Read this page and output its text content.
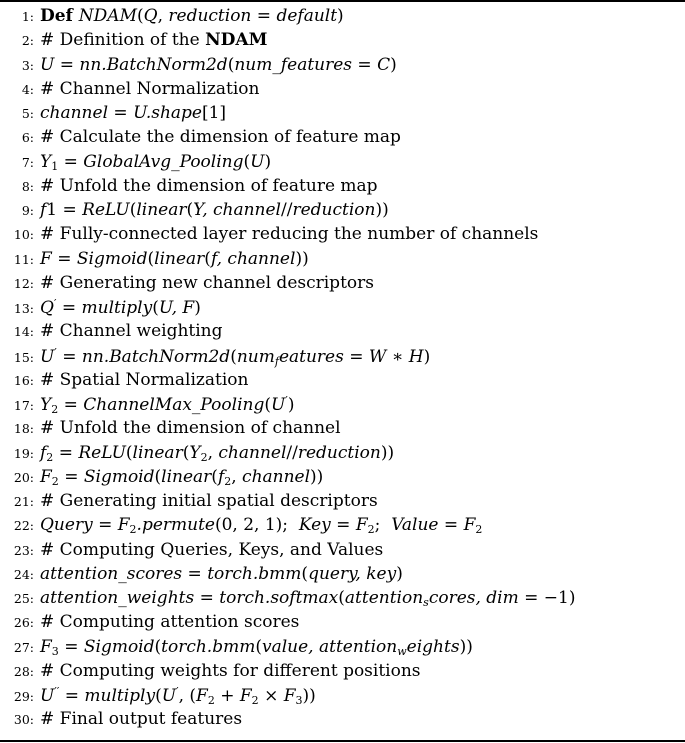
1: Def NDAM(Q, reduction = default)
2: # Definition of the NDAM
3: U = nn.BatchNorm2d(num_features = C)
4: # Channel Normalization
5: channel = U.shape[1]
6: # Calculate the dimension of feature map
7: $Y_1$ = GlobalAvg_Pooling(U)
8: # Unfold the dimension of feature map
9: f1 = ReLU(linear(Y, channel//reduction))
10: # Fully-connected layer reducing the number of channels
11: F = Sigmoid(linear(f, channel))
12: # Generating new channel descriptors
13: Q′ = multiply(U, F)
14: # Channel weighting
15: U′ = nn.BatchNorm2d(num$_f$eatures = W ∗ H)
16: # Spatial Normalization
17: $Y_2$ = ChannelMax_Pooling(U′)
18: # Unfold the dimension of channel
19: $f_2$ = $ReLU(linear(Y_2$, channel//reduction))
20: $F_2$ = $Sigmoid(linear(f_2$, channel))
21: # Generating initial spatial descriptors
22: Query = $F_2.permute(0$, 2, 1);  Key = $F_2$;  Value = $F_2$
23: # Computing Queries, Keys, and Values
24: attention_scores = torch.bmm(query, key)
25: attention_weights = torch.softmax(attention$_s$cores, dim = −1)
26: # Computing attention scores
27: $F_3$ = Sigmoid(torch.bmm(value, attention$_w$eights))
28: # Computing weights for different positions
29: U′′ = multiply(U′, $(F_2 + F_2 \times F_3)$)
30: # Final output features
